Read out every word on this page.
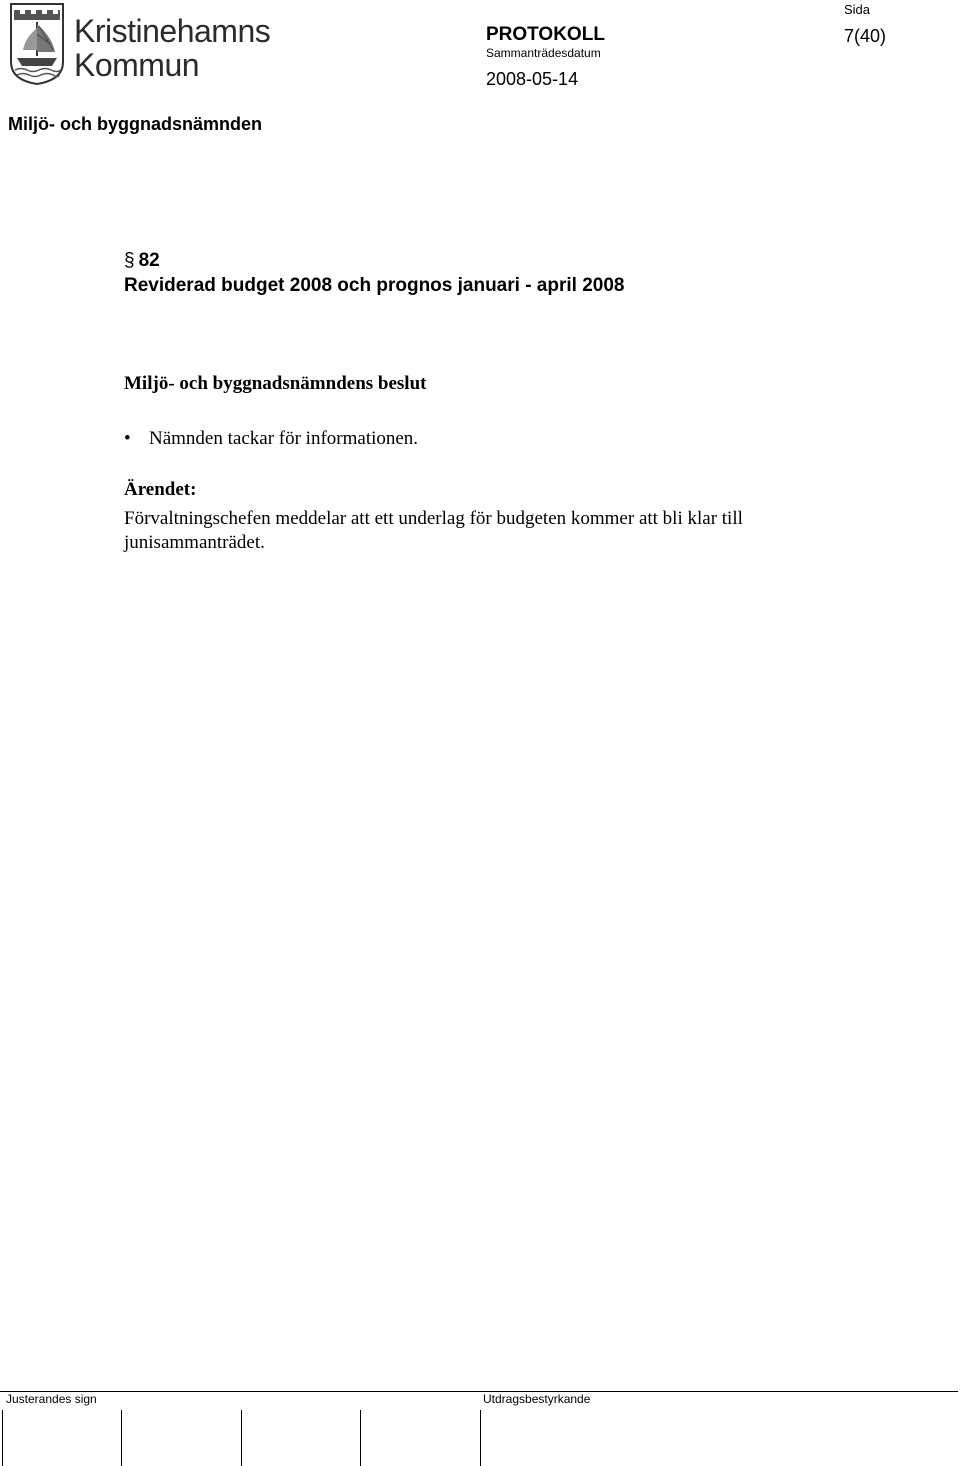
Kristinehamns
Kommun
PROTOKOLL
Sammanträdesdatum
2008-05-14
Sida
7(40)
Miljö- och byggnadsnämnden
§ 82
Reviderad budget 2008 och prognos januari - april 2008
Miljö- och byggnadsnämndens beslut
• Nämnden tackar för informationen.
Ärendet:
Förvaltningschefen meddelar att ett underlag för budgeten kommer att bli klar till junisammanträdet.
Justerandes sign	Utdragsbestyrkande
